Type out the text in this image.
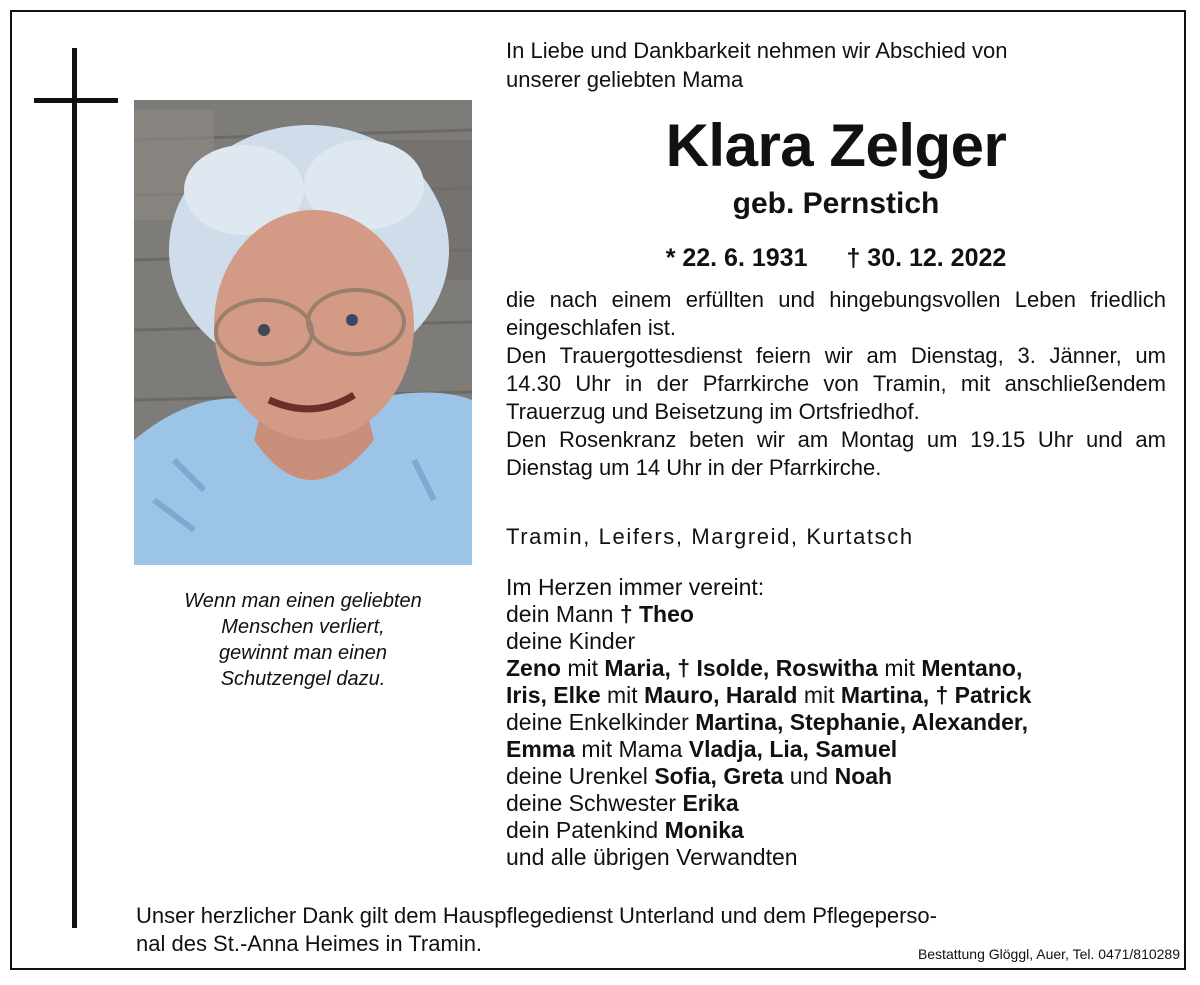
Wenn man einen geliebten
Menschen verliert,
gewinnt man einen
Schutzengel dazu.
In Liebe und Dankbarkeit nehmen wir Abschied von
unserer geliebten Mama
Klara Zelger
geb. Pernstich
* 22. 6. 1931 † 30. 12. 2022

die nach einem erfüllten und hingebungsvollen Leben friedlich eingeschlafen ist.

Den Trauergottesdienst feiern wir am Dienstag, 3. Jänner, um 14.30 Uhr in der Pfarrkirche von Tramin, mit anschließendem Trauerzug und Beisetzung im Ortsfriedhof.

Den Rosenkranz beten wir am Montag um 19.15 Uhr und am Dienstag um 14 Uhr in der Pfarrkirche.

Tramin, Leifers, Margreid, Kurtatsch
Im Herzen immer vereint:
dein Mann † Theo
deine Kinder
Zeno mit Maria, † Isolde, Roswitha mit Mentano,
Iris, Elke mit Mauro, Harald mit Martina, † Patrick
deine Enkelkinder Martina, Stephanie, Alexander,
Emma mit Mama Vladja, Lia, Samuel
deine Urenkel Sofia, Greta und Noah
deine Schwester Erika
dein Patenkind Monika
und alle übrigen Verwandten
Unser herzlicher Dank gilt dem Hauspflegedienst Unterland und dem Pflegeperso-
nal des St.-Anna Heimes in Tramin.	Bestattung Glöggl, Auer, Tel. 0471/810289
